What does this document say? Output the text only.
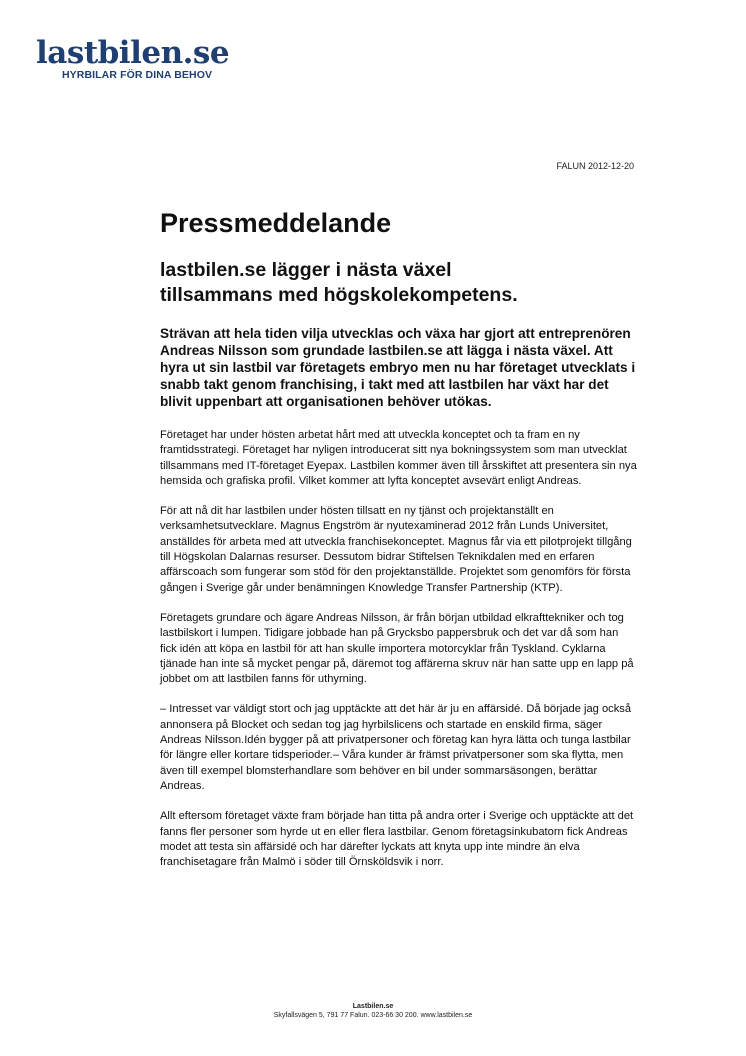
lastbilen.se
HYRBILAR FÖR DINA BEHOV
FALUN 2012-12-20
Pressmeddelande
lastbilen.se lägger i nästa växel
tillsammans med högskolekompetens.

Strävan att hela tiden vilja utvecklas och växa har gjort att entreprenören Andreas Nilsson som grundade lastbilen.se att lägga i nästa växel. Att hyra ut sin lastbil var företagets embryo men nu har företaget utvecklats i snabb takt genom franchising, i takt med att lastbilen har växt har det blivit uppenbart att organisationen behöver utökas.

Företaget har under hösten arbetat hårt med att utveckla konceptet och ta fram en ny framtidsstrategi. Företaget har nyligen introducerat sitt nya bokningssystem som man utvecklat tillsammans med IT-företaget Eyepax. Lastbilen kommer även till årsskiftet att presentera sin nya hemsida och grafiska profil. Vilket kommer att lyfta konceptet avsevärt enligt Andreas.

För att nå dit har lastbilen under hösten tillsatt en ny tjänst och projektanställt en verksamhetsutvecklare. Magnus Engström är nyutexaminerad 2012 från Lunds Universitet, anställdes för arbeta med att utveckla franchisekonceptet. Magnus får via ett pilotprojekt tillgång till Högskolan Dalarnas resurser. Dessutom bidrar Stiftelsen Teknikdalen med en erfaren affärscoach som fungerar som stöd för den projektanställde. Projektet som genomförs för första gången i Sverige går under benämningen Knowledge Transfer Partnership (KTP).

Företagets grundare och ägare Andreas Nilsson, är från början utbildad elkrafttekniker och tog lastbilskort i lumpen. Tidigare jobbade han på Grycksbo pappersbruk och det var då som han fick idén att köpa en lastbil för att han skulle importera motorcyklar från Tyskland. Cyklarna tjänade han inte så mycket pengar på, däremot tog affärerna skruv när han satte upp en lapp på jobbet om att lastbilen fanns för uthyrning.

– Intresset var väldigt stort och jag upptäckte att det här är ju en affärsidé. Då började jag också annonsera på Blocket och sedan tog jag hyrbilslicens och startade en enskild firma, säger Andreas Nilsson.Idén bygger på att privatpersoner och företag kan hyra lätta och tunga lastbilar för längre eller kortare tidsperioder.– Våra kunder är främst privatpersoner som ska flytta, men även till exempel blomsterhandlare som behöver en bil under sommarsäsongen, berättar Andreas.

Allt eftersom företaget växte fram började han titta på andra orter i Sverige och upptäckte att det fanns fler personer som hyrde ut en eller flera lastbilar. Genom företagsinkubatorn fick Andreas modet att testa sin affärsidé och har därefter lyckats att knyta upp inte mindre än elva franchisetagare från Malmö i söder till Örnsköldsvik i norr.

Lastbilen.se
Skyfallsvägen 5, 791 77 Falun. 023-66 30 200. www.lastbilen.se
